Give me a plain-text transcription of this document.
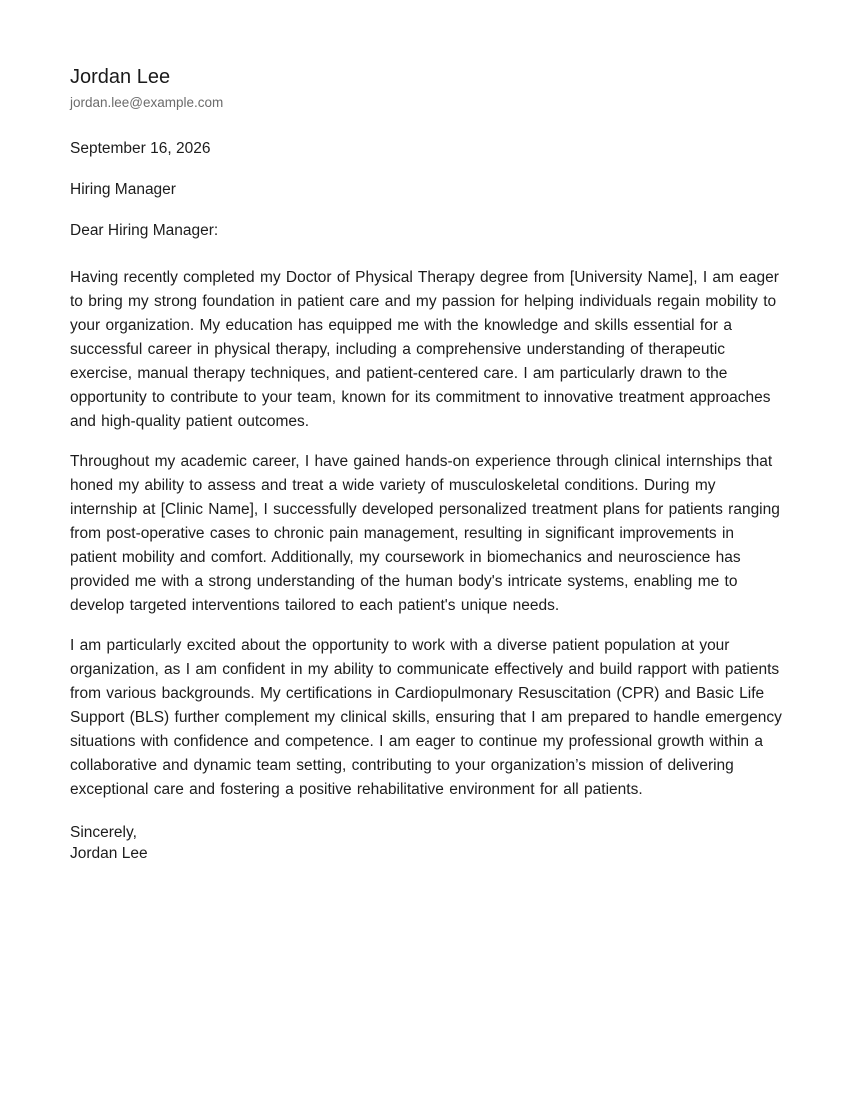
Jordan Lee
jordan.lee@example.com
September 16, 2026
Hiring Manager
Dear Hiring Manager:

Having recently completed my Doctor of Physical Therapy degree from [University Name], I am eager to bring my strong foundation in patient care and my passion for helping individuals regain mobility to your organization. My education has equipped me with the knowledge and skills essential for a successful career in physical therapy, including a comprehensive understanding of therapeutic exercise, manual therapy techniques, and patient-centered care. I am particularly drawn to the opportunity to contribute to your team, known for its commitment to innovative treatment approaches and high-quality patient outcomes.

Throughout my academic career, I have gained hands-on experience through clinical internships that honed my ability to assess and treat a wide variety of musculoskeletal conditions. During my internship at [Clinic Name], I successfully developed personalized treatment plans for patients ranging from post-operative cases to chronic pain management, resulting in significant improvements in patient mobility and comfort. Additionally, my coursework in biomechanics and neuroscience has provided me with a strong understanding of the human body's intricate systems, enabling me to develop targeted interventions tailored to each patient's unique needs.

I am particularly excited about the opportunity to work with a diverse patient population at your organization, as I am confident in my ability to communicate effectively and build rapport with patients from various backgrounds. My certifications in Cardiopulmonary Resuscitation (CPR) and Basic Life Support (BLS) further complement my clinical skills, ensuring that I am prepared to handle emergency situations with confidence and competence. I am eager to continue my professional growth within a collaborative and dynamic team setting, contributing to your organization’s mission of delivering exceptional care and fostering a positive rehabilitative environment for all patients.

Sincerely,
Jordan Lee
